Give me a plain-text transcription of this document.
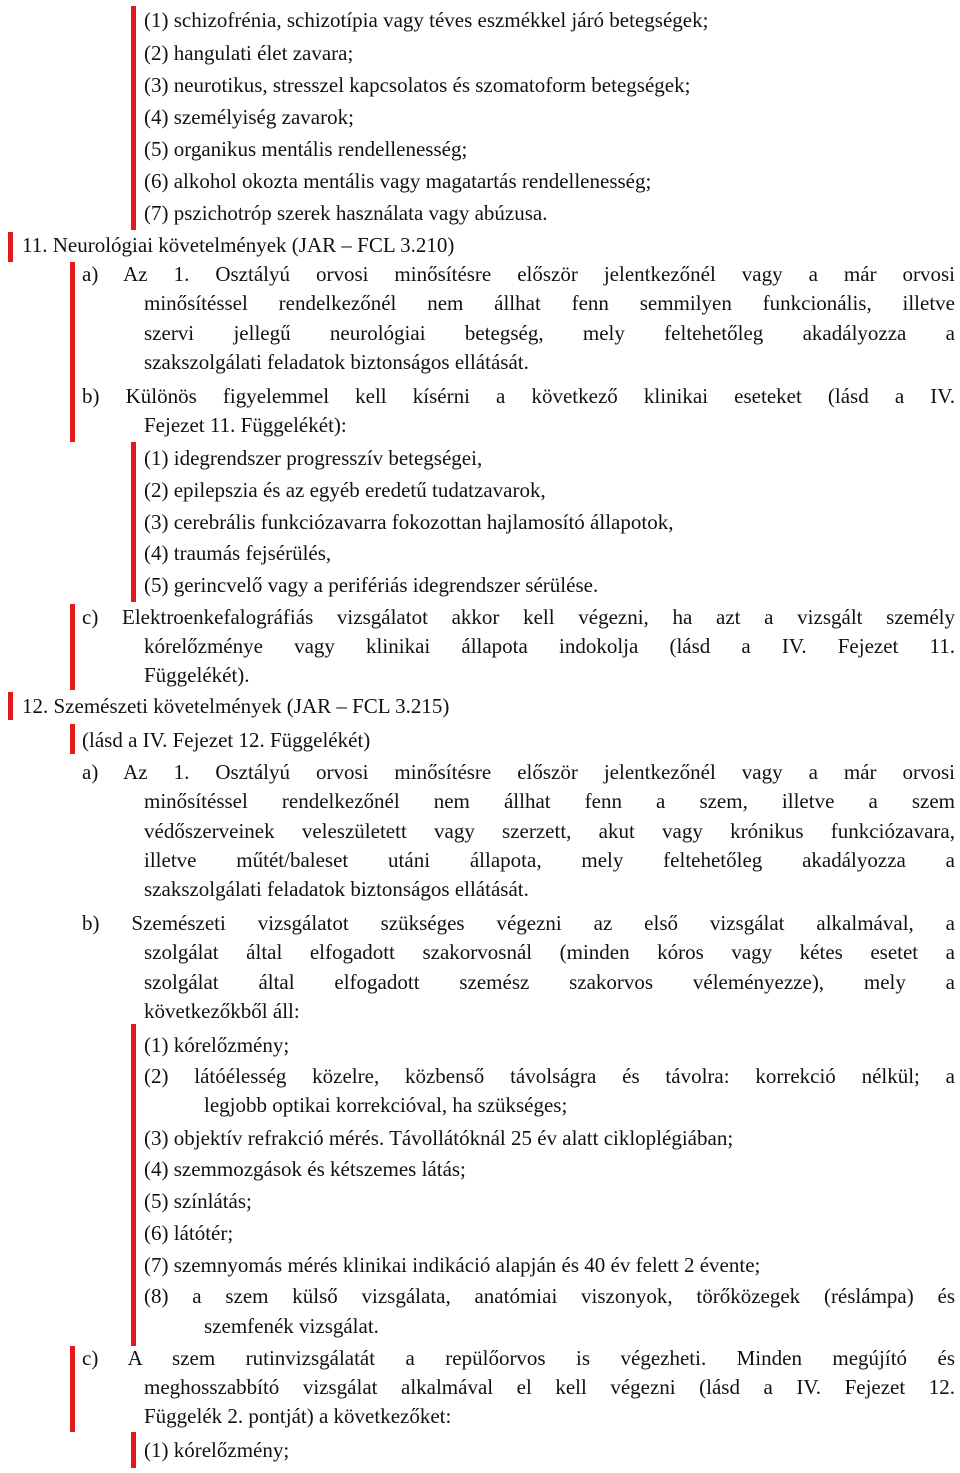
(1) schizofrénia, schizotípia vagy téves eszmékkel járó betegségek;
(2) hangulati élet zavara;
(3) neurotikus, stresszel kapcsolatos és szomatoform betegségek;
(4) személyiség zavarok;
(5) organikus mentális rendellenesség;
(6) alkohol okozta mentális vagy magatartás rendellenesség;
(7) pszichotróp szerek használata vagy abúzusa.
11. Neurológiai követelmények (JAR – FCL 3.210)
a) Az 1. Osztályú orvosi minősítésre először jelentkezőnél vagy a már orvosi
minősítéssel rendelkezőnél nem állhat fenn semmilyen funkcionális, illetve
szervi jellegű neurológiai betegség, mely feltehetőleg akadályozza a
szakszolgálati feladatok biztonságos ellátását.
b) Különös figyelemmel kell kísérni a következő klinikai eseteket (lásd a IV.
Fejezet 11. Függelékét):
(1) idegrendszer progresszív betegségei,
(2) epilepszia és az egyéb eredetű tudatzavarok,
(3) cerebrális funkciózavarra fokozottan hajlamosító állapotok,
(4) traumás fejsérülés,
(5) gerincvelő vagy a perifériás idegrendszer sérülése.
c) Elektroenkefalográfiás vizsgálatot akkor kell végezni, ha azt a vizsgált személy
kórelőzménye vagy klinikai állapota indokolja (lásd a IV. Fejezet 11.
Függelékét).
12. Szemészeti követelmények (JAR – FCL 3.215)
(lásd a IV. Fejezet 12. Függelékét)
a) Az 1. Osztályú orvosi minősítésre először jelentkezőnél vagy a már orvosi
minősítéssel rendelkezőnél nem állhat fenn a szem, illetve a szem
védőszerveinek veleszületett vagy szerzett, akut vagy krónikus funkciózavara,
illetve műtét/baleset utáni állapota, mely feltehetőleg akadályozza a
szakszolgálati feladatok biztonságos ellátását.
b) Szemészeti vizsgálatot szükséges végezni az első vizsgálat alkalmával, a
szolgálat által elfogadott szakorvosnál (minden kóros vagy kétes esetet a
szolgálat által elfogadott szemész szakorvos véleményezze), mely a
következőkből áll:
(1) kórelőzmény;
(2) látóélesség közelre, közbenső távolságra és távolra: korrekció nélkül; a
legjobb optikai korrekcióval, ha szükséges;
(3) objektív refrakció mérés. Távollátóknál 25 év alatt cikloplégiában;
(4) szemmozgások és kétszemes látás;
(5) színlátás;
(6) látótér;
(7) szemnyomás mérés klinikai indikáció alapján és 40 év felett 2 évente;
(8) a szem külső vizsgálata, anatómiai viszonyok, törőközegek (réslámpa) és
szemfenék vizsgálat.
c) A szem rutinvizsgálatát a repülőorvos is végezheti. Minden megújító és
meghosszabbító vizsgálat alkalmával el kell végezni (lásd a IV. Fejezet 12.
Függelék 2. pontját) a következőket:
(1) kórelőzmény;
